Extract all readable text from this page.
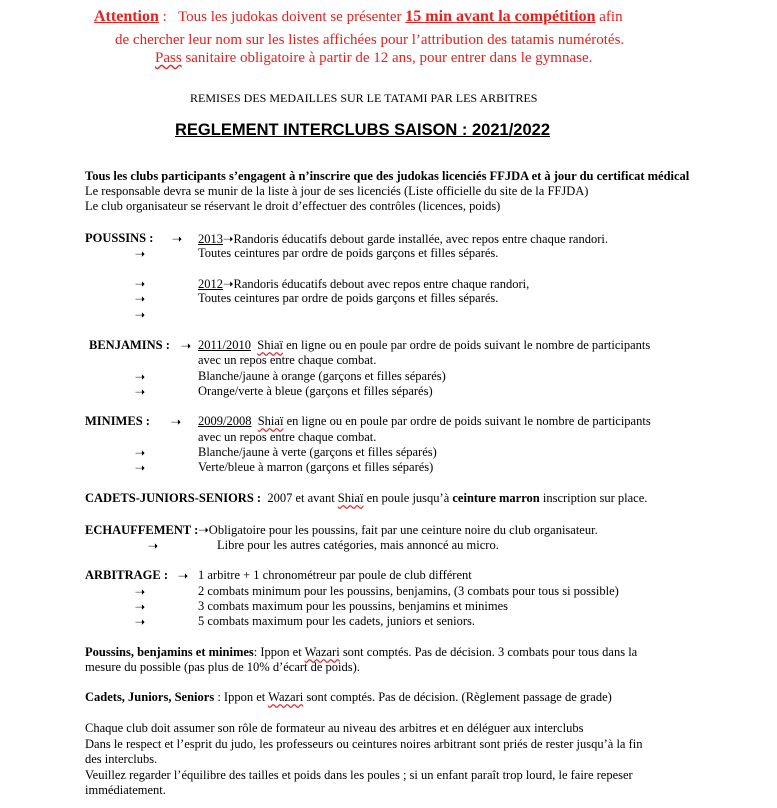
Attention : Tous les judokas doivent se présenter 15 min avant la compétition afin
de chercher leur nom sur les listes affichées pour l’attribution des tatamis numérotés.
Pass sanitaire obligatoire à partir de 12 ans, pour entrer dans le gymnase.
REMISES DES MEDAILLES SUR LE TATAMI PAR LES ARBITRES
REGLEMENT INTERCLUBS SAISON : 2021/2022
Tous les clubs participants s’engagent à n’inscrire que des judokas licenciés FFJDA et à jour du certificat médical
Le responsable devra se munir de la liste à jour de ses licenciés (Liste officielle du site de la FFJDA)
Le club organisateur se réservant le droit d’effectuer des contrôles (licences, poids)
POUSSINS : ➝ 2013➝Randoris éducatifs debout garde installée, avec repos entre chaque randori.
➝	Toutes ceintures par ordre de poids garçons et filles séparés.
➝	2012➝Randoris éducatifs debout avec repos entre chaque randori,
➝	Toutes ceintures par ordre de poids garçons et filles séparés.
➝
BENJAMINS : ➝ 2011/2010 Shiaï en ligne ou en poule par ordre de poids suivant le nombre de participants
avec un repos entre chaque combat.
➝	Blanche/jaune à orange (garçons et filles séparés)
➝	Orange/verte à bleue (garçons et filles séparés)
MINIMES : ➝ 2009/2008 Shiaï en ligne ou en poule par ordre de poids suivant le nombre de participants
avec un repos entre chaque combat.
➝	Blanche/jaune à verte (garçons et filles séparés)
➝	Verte/bleue à marron (garçons et filles séparés)
CADETS-JUNIORS-SENIORS : 2007 et avant Shiaï en poule jusqu’à ceinture marron inscription sur place.
ECHAUFFEMENT :➝Obligatoire pour les poussins, fait par une ceinture noire du club organisateur.
➝	Libre pour les autres catégories, mais annoncé au micro.
ARBITRAGE : ➝ 1 arbitre + 1 chronométreur par poule de club différent
➝	2 combats minimum pour les poussins, benjamins, (3 combats pour tous si possible)
➝	3 combats maximum pour les poussins, benjamins et minimes
➝	5 combats maximum pour les cadets, juniors et seniors.
Poussins, benjamins et minimes: Ippon et Wazari sont comptés. Pas de décision. 3 combats pour tous dans la
mesure du possible (pas plus de 10% d’écart de poids).
Cadets, Juniors, Seniors : Ippon et Wazari sont comptés. Pas de décision. (Règlement passage de grade)
Chaque club doit assumer son rôle de formateur au niveau des arbitres et en déléguer aux interclubs
Dans le respect et l’esprit du judo, les professeurs ou ceintures noires arbitrant sont priés de rester jusqu’à la fin
des interclubs.
Veuillez regarder l’équilibre des tailles et poids dans les poules ; si un enfant paraît trop lourd, le faire repeser
immédiatement.
